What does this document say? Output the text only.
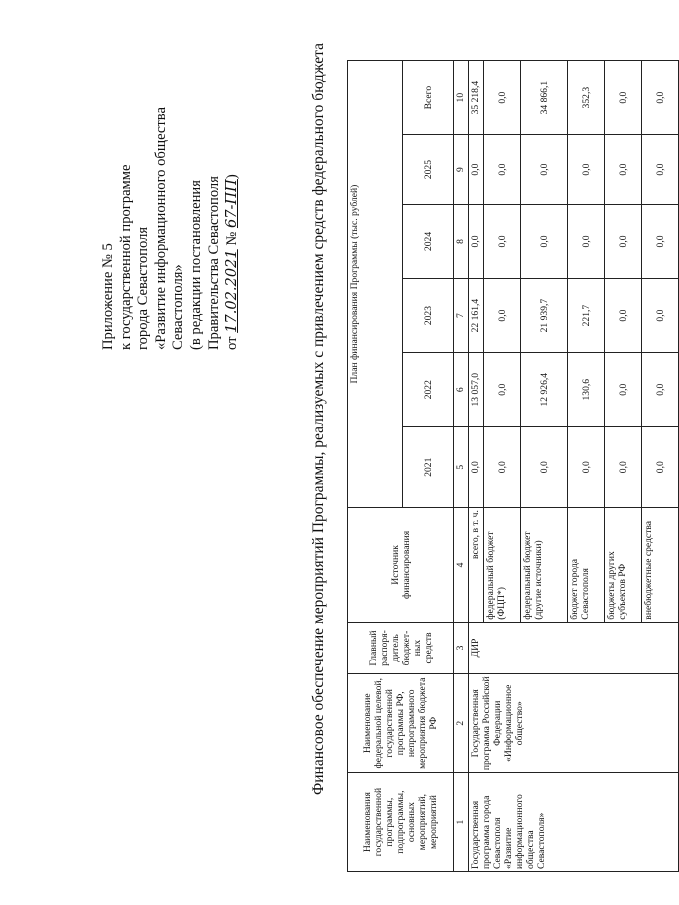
Приложение № 5 к государственной программе города Севастополя «Развитие информационного общества Севастополя» (в редакции постановления Правительства Севастополя от 17.02.2021 № 67-ПП)	Финансовое обеспечение мероприятий Программы, реализуемых с привлечением средств федерального бюджета
Наименования государственной программы, подпрограммы, основных мероприятий, мероприятий	Наименование федеральной целевой, государственной программы РФ, непрограммного мероприятия бюджета РФ	Главный распоря-дитель бюджет-ных средств	Источник финансирования	План финансирования Программы (тыс. рублей)					
				2021	2022	2023	2024	2025	Всего
1	2	3	4	5	6	7	8	9	10
Государственная программа города Севастополя «Развитие информационного общества Севастополя»	Государственная программа Российской Федерации «Информационное общество»	ДИР	всего, в т. ч.	0,0	13 057,0	22 161,4	0,0	0,0	35 218,4
			федеральный бюджет (ФЦП*)	0,0	0,0	0,0	0,0	0,0	0,0
			федеральный бюджет (другие источники)	0,0	12 926,4	21 939,7	0,0	0,0	34 866,1
			бюджет города Севастополя	0,0	130,6	221,7	0,0	0,0	352,3
			бюджеты других субъектов РФ	0,0	0,0	0,0	0,0	0,0	0,0
			внебюджетные средства	0,0	0,0	0,0	0,0	0,0	0,0
